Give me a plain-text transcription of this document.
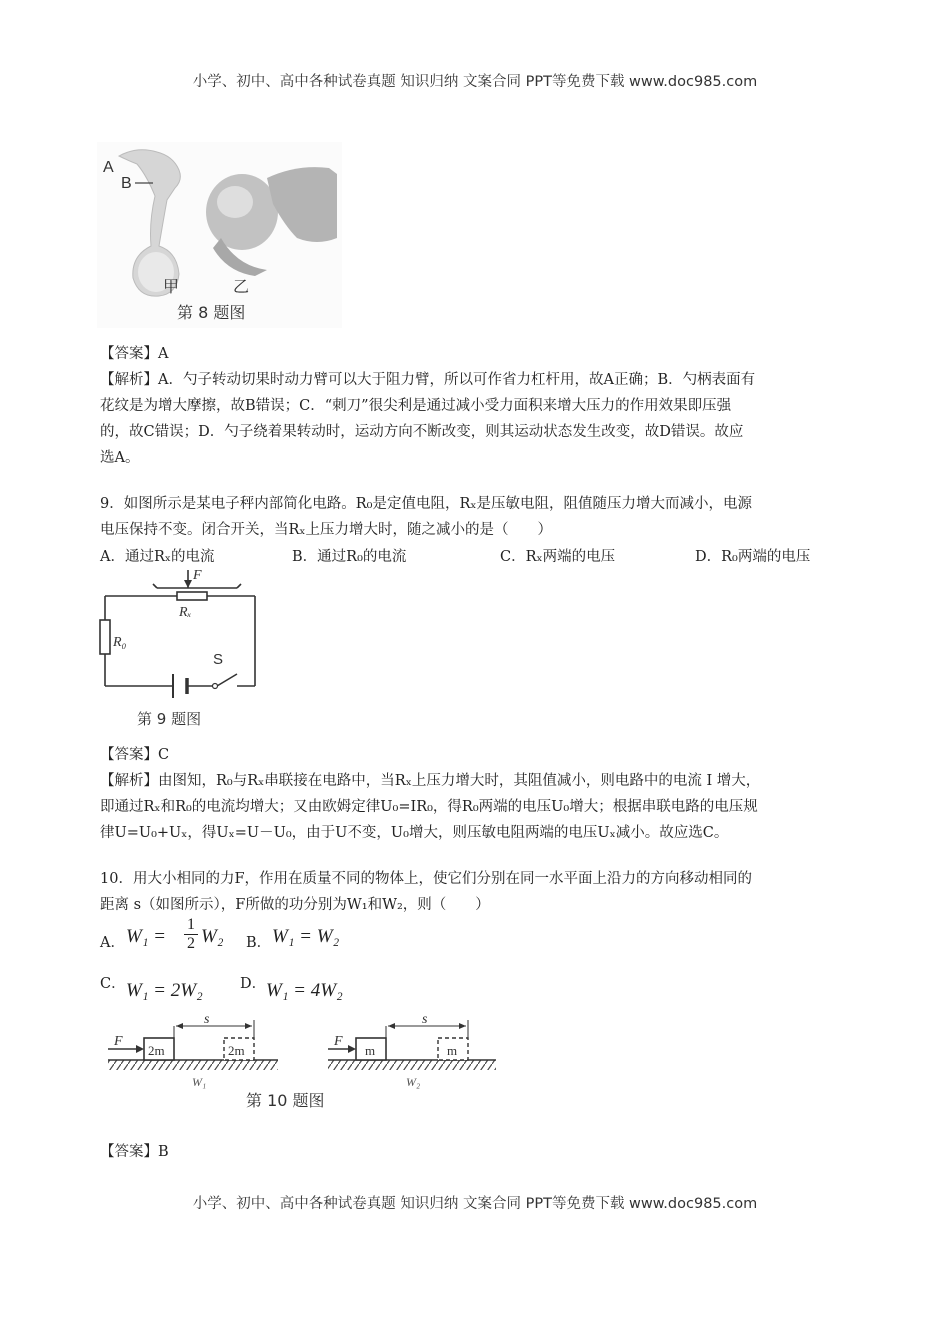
小学、初中、高中各种试卷真题 知识归纳 文案合同 PPT等免费下载 www.doc985.com
A
B
甲	乙
第 8 题图
【答案】A
【解析】A．勺子转动切果时动力臂可以大于阻力臂，所以可作省力杠杆用，故A正确；B．勺柄表面有
花纹是为增大摩擦，故B错误；C．“刺刀”很尖利是通过减小受力面积来增大压力的作用效果即压强
的，故C错误；D．勺子绕着果转动时，运动方向不断改变，则其运动状态发生改变，故D错误。故应
选A。
9．如图所示是某电子秤内部简化电路。R₀是定值电阻，Rₓ是压敏电阻，阻值随压力增大而减小，电源
电压保持不变。闭合开关，当Rₓ上压力增大时，随之减小的是（　　）
A．通过Rₓ的电流	B．通过R₀的电流	C．Rₓ两端的电压	D．R₀两端的电压
F
Rₓ
R₀
S
第 9 题图
【答案】C
【解析】由图知，R₀与Rₓ串联接在电路中，当Rₓ上压力增大时，其阻值减小，则电路中的电流 I 增大，
即通过Rₓ和R₀的电流均增大；又由欧姆定律U₀=IR₀，得R₀两端的电压U₀增大；根据串联电路的电压规
律U=U₀+Uₓ，得Uₓ=U－U₀，由于U不变，U₀增大，则压敏电阻两端的电压Uₓ减小。故应选C。
10．用大小相同的力F，作用在质量不同的物体上，使它们分别在同一水平面上沿力的方向移动相同的
距离 s（如图所示），F所做的功分别为W₁和W₂，则（　　）
A． W₁ =
1
2 W₂ B． W₁ = W₂
C． W₁ = 2W₂	D． W₁ = 4W₂
F
2m	2m
s
W₁
F
m	m
s
W₂
第 10 题图
【答案】B
小学、初中、高中各种试卷真题 知识归纳 文案合同 PPT等免费下载 www.doc985.com
